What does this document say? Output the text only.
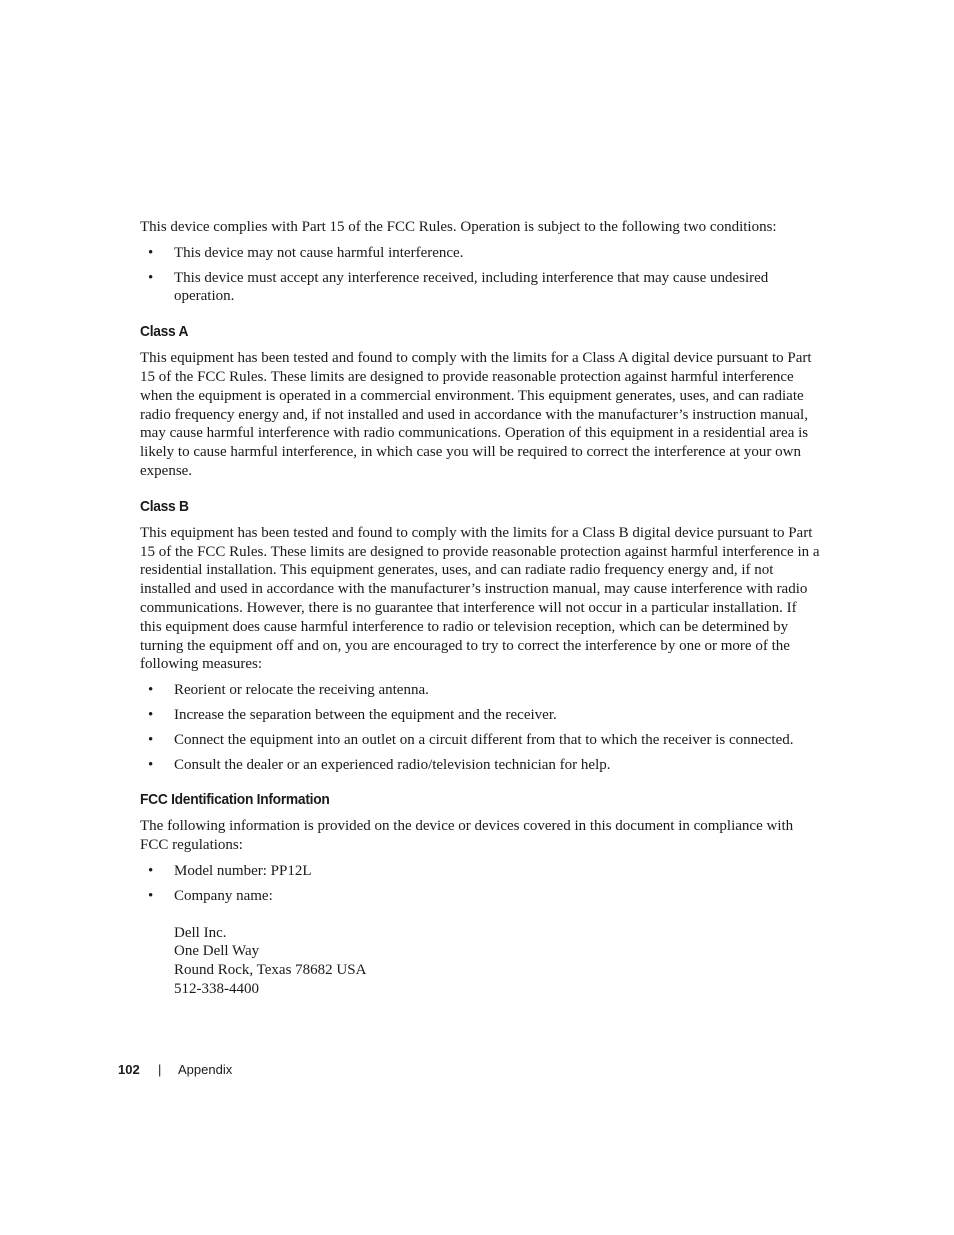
This device complies with Part 15 of the FCC Rules. Operation is subject to the following two conditions:

• This device may not cause harmful interference.
• This device must accept any interference received, including interference that may cause undesired operation.
Class A

This equipment has been tested and found to comply with the limits for a Class A digital device pursuant to Part 15 of the FCC Rules. These limits are designed to provide reasonable protection against harmful interference when the equipment is operated in a commercial environment. This equipment generates, uses, and can radiate radio frequency energy and, if not installed and used in accordance with the manufacturer’s instruction manual, may cause harmful interference with radio communications. Operation of this equipment in a residential area is likely to cause harmful interference, in which case you will be required to correct the interference at your own expense.

Class B

This equipment has been tested and found to comply with the limits for a Class B digital device pursuant to Part 15 of the FCC Rules. These limits are designed to provide reasonable protection against harmful interference in a residential installation. This equipment generates, uses, and can radiate radio frequency energy and, if not installed and used in accordance with the manufacturer’s instruction manual, may cause interference with radio communications. However, there is no guarantee that interference will not occur in a particular installation. If this equipment does cause harmful interference to radio or television reception, which can be determined by turning the equipment off and on, you are encouraged to try to correct the interference by one or more of the following measures:

• Reorient or relocate the receiving antenna.
• Increase the separation between the equipment and the receiver.
• Connect the equipment into an outlet on a circuit different from that to which the receiver is connected.
• Consult the dealer or an experienced radio/television technician for help.
FCC Identification Information

The following information is provided on the device or devices covered in this document in compliance with FCC regulations:

• Model number: PP12L
• Company name:
Dell Inc.
One Dell Way
Round Rock, Texas 78682 USA
512-338-4400
102	|	Appendix
